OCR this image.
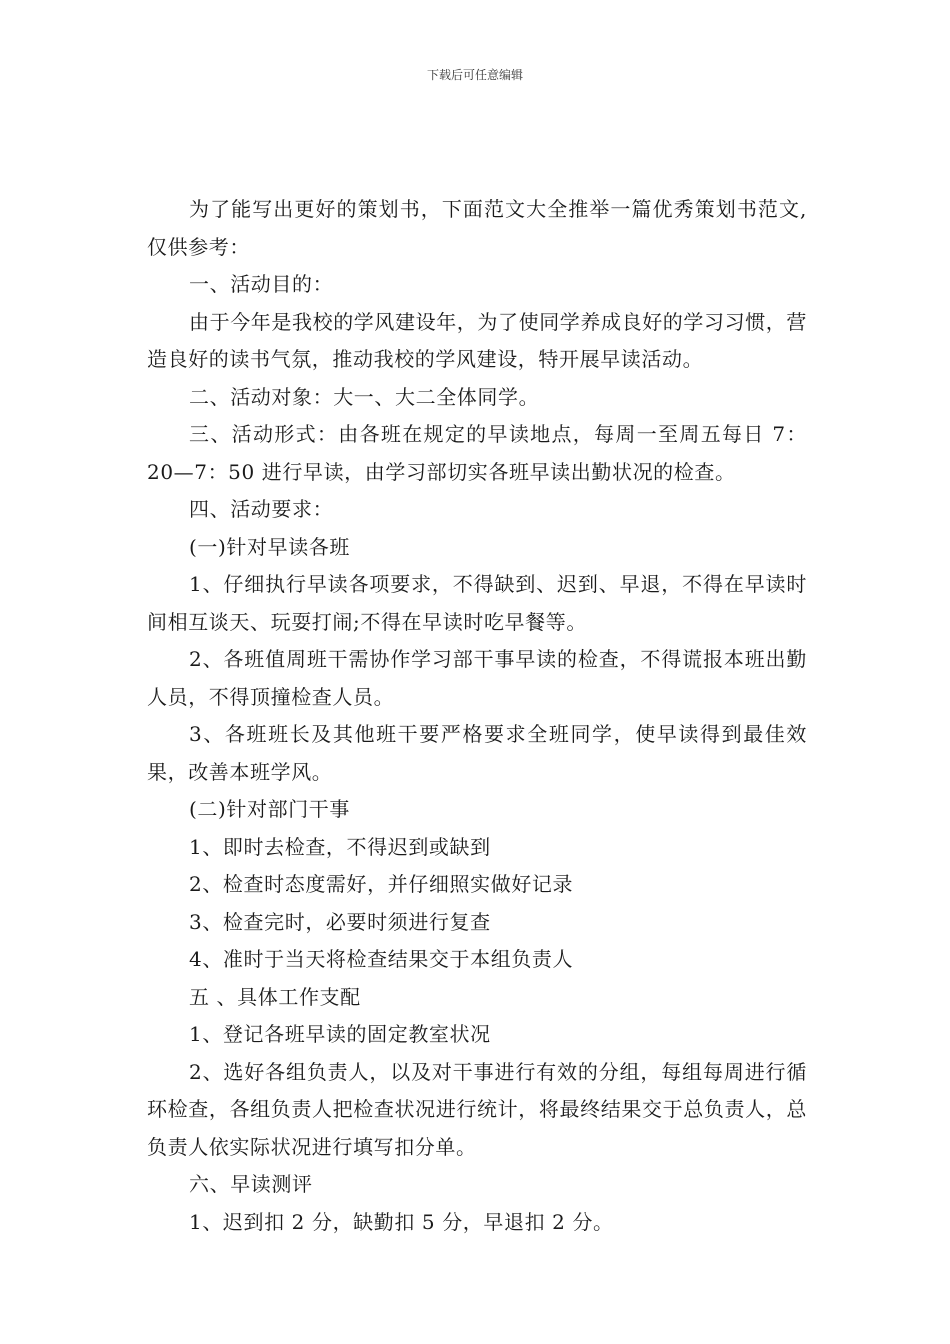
下载后可任意编辑

为了能写出更好的策划书，下面范文大全推举一篇优秀策划书范文,仅供参考：

一、活动目的：

由于今年是我校的学风建设年，为了使同学养成良好的学习习惯，营造良好的读书气氛，推动我校的学风建设，特开展早读活动。

二、活动对象：大一、大二全体同学。

三、活动形式：由各班在规定的早读地点，每周一至周五每日 7：20—7：50 进行早读，由学习部切实各班早读出勤状况的检查。

四、活动要求：

(一)针对早读各班

1、仔细执行早读各项要求，不得缺到、迟到、早退，不得在早读时间相互谈天、玩耍打闹;不得在早读时吃早餐等。

2、各班值周班干需协作学习部干事早读的检查，不得谎报本班出勤人员，不得顶撞检查人员。

3、各班班长及其他班干要严格要求全班同学，使早读得到最佳效果，改善本班学风。

(二)针对部门干事

1、即时去检查，不得迟到或缺到

2、检查时态度需好，并仔细照实做好记录

3、检查完时，必要时须进行复查

4、准时于当天将检查结果交于本组负责人

五 、具体工作支配

1、登记各班早读的固定教室状况

2、选好各组负责人，以及对干事进行有效的分组，每组每周进行循环检查，各组负责人把检查状况进行统计，将最终结果交于总负责人，总负责人依实际状况进行填写扣分单。

六、早读测评

1、迟到扣 2 分，缺勤扣 5 分，早退扣 2 分。
